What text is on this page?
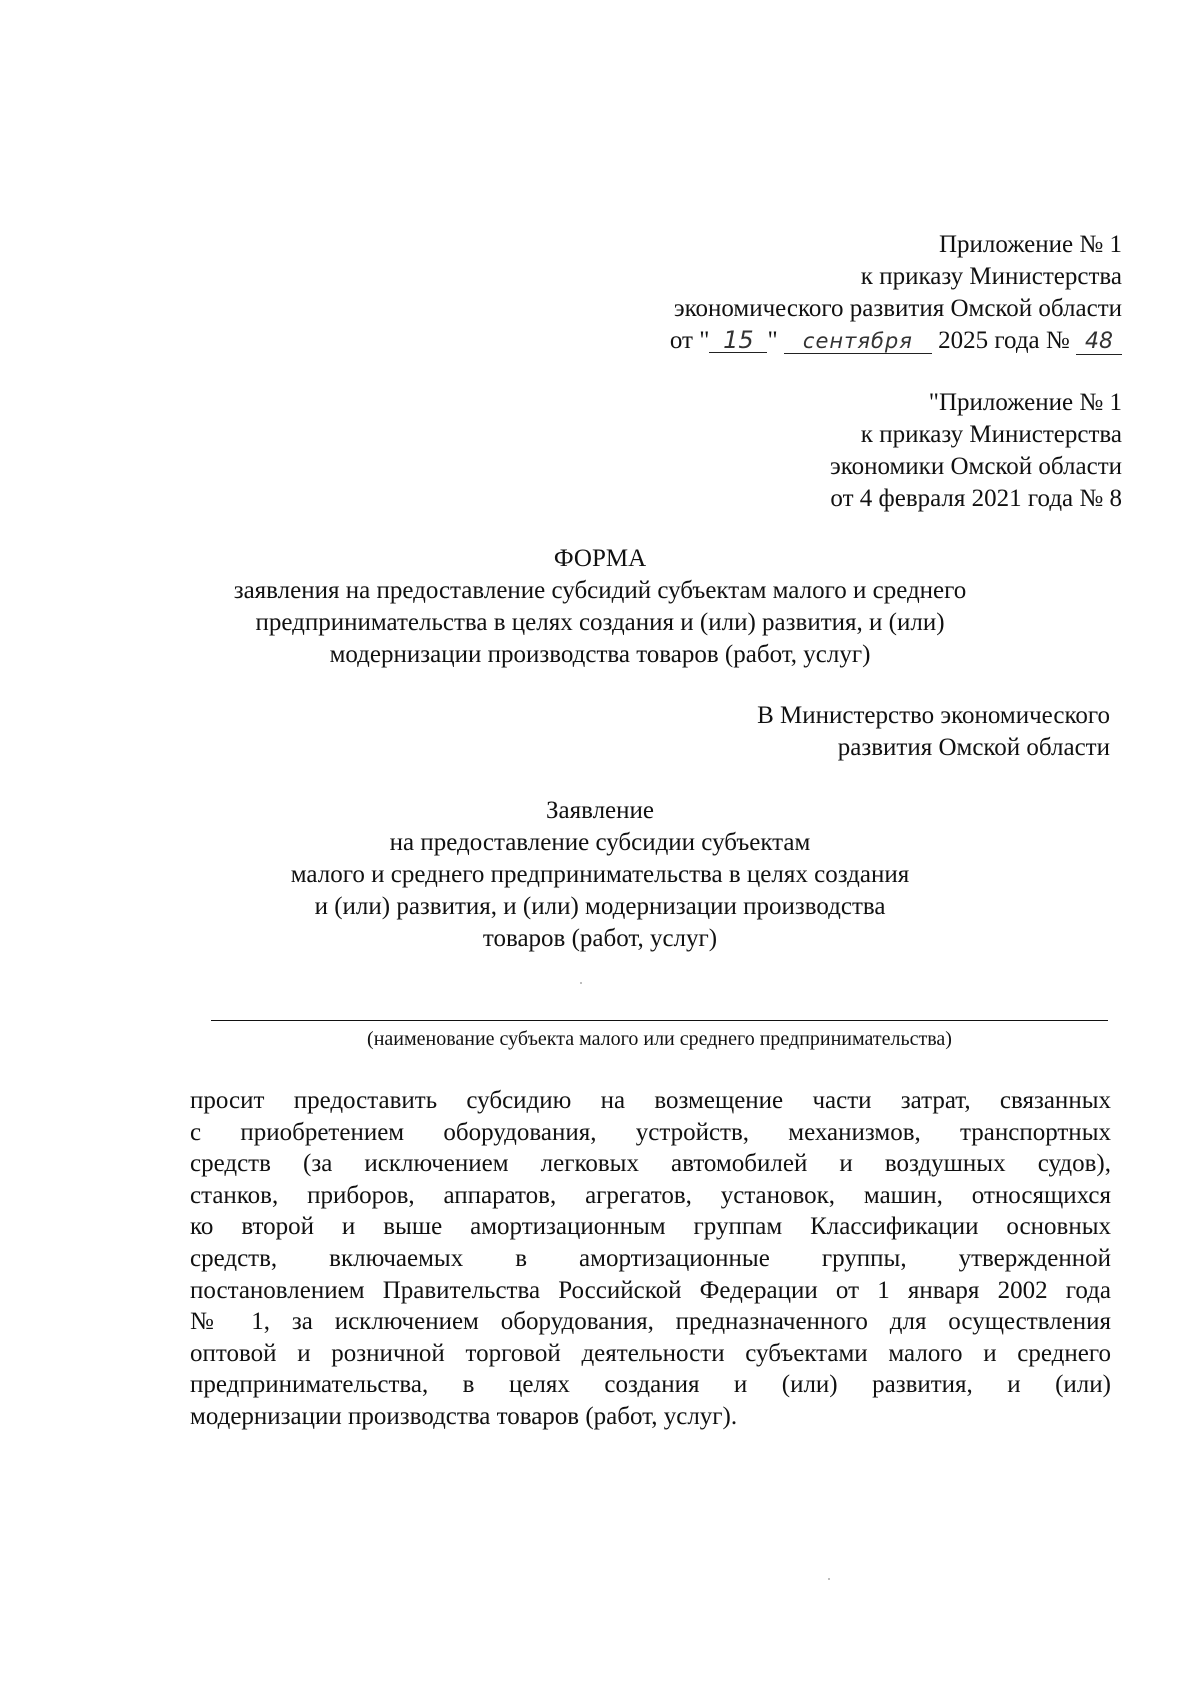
Приложение № 1
к приказу Министерства
экономического развития Омской области
от " 15 " сентября 2025 года № 48
"Приложение № 1
к приказу Министерства
экономики Омской области
от 4 февраля 2021 года № 8
ФОРМА
заявления на предоставление субсидий субъектам малого и среднего
предпринимательства в целях создания и (или) развития, и (или)
модернизации производства товаров (работ, услуг)
В Министерство экономического
развития Омской области
Заявление
на предоставление субсидии субъектам
малого и среднего предпринимательства в целях создания
и (или) развития, и (или) модернизации производства
товаров (работ, услуг)
(наименование субъекта малого или среднего предпринимательства)
просит предоставить субсидию на возмещение части затрат, связанных
с приобретением оборудования, устройств, механизмов, транспортных
средств (за исключением легковых автомобилей и воздушных судов),
станков, приборов, аппаратов, агрегатов, установок, машин, относящихся
ко второй и выше амортизационным группам Классификации основных
средств, включаемых в амортизационные группы, утвержденной
постановлением Правительства Российской Федерации от 1 января 2002 года
№ 1, за исключением оборудования, предназначенного для осуществления
оптовой и розничной торговой деятельности субъектами малого и среднего
предпринимательства, в целях создания и (или) развития, и (или)
модернизации производства товаров (работ, услуг).
